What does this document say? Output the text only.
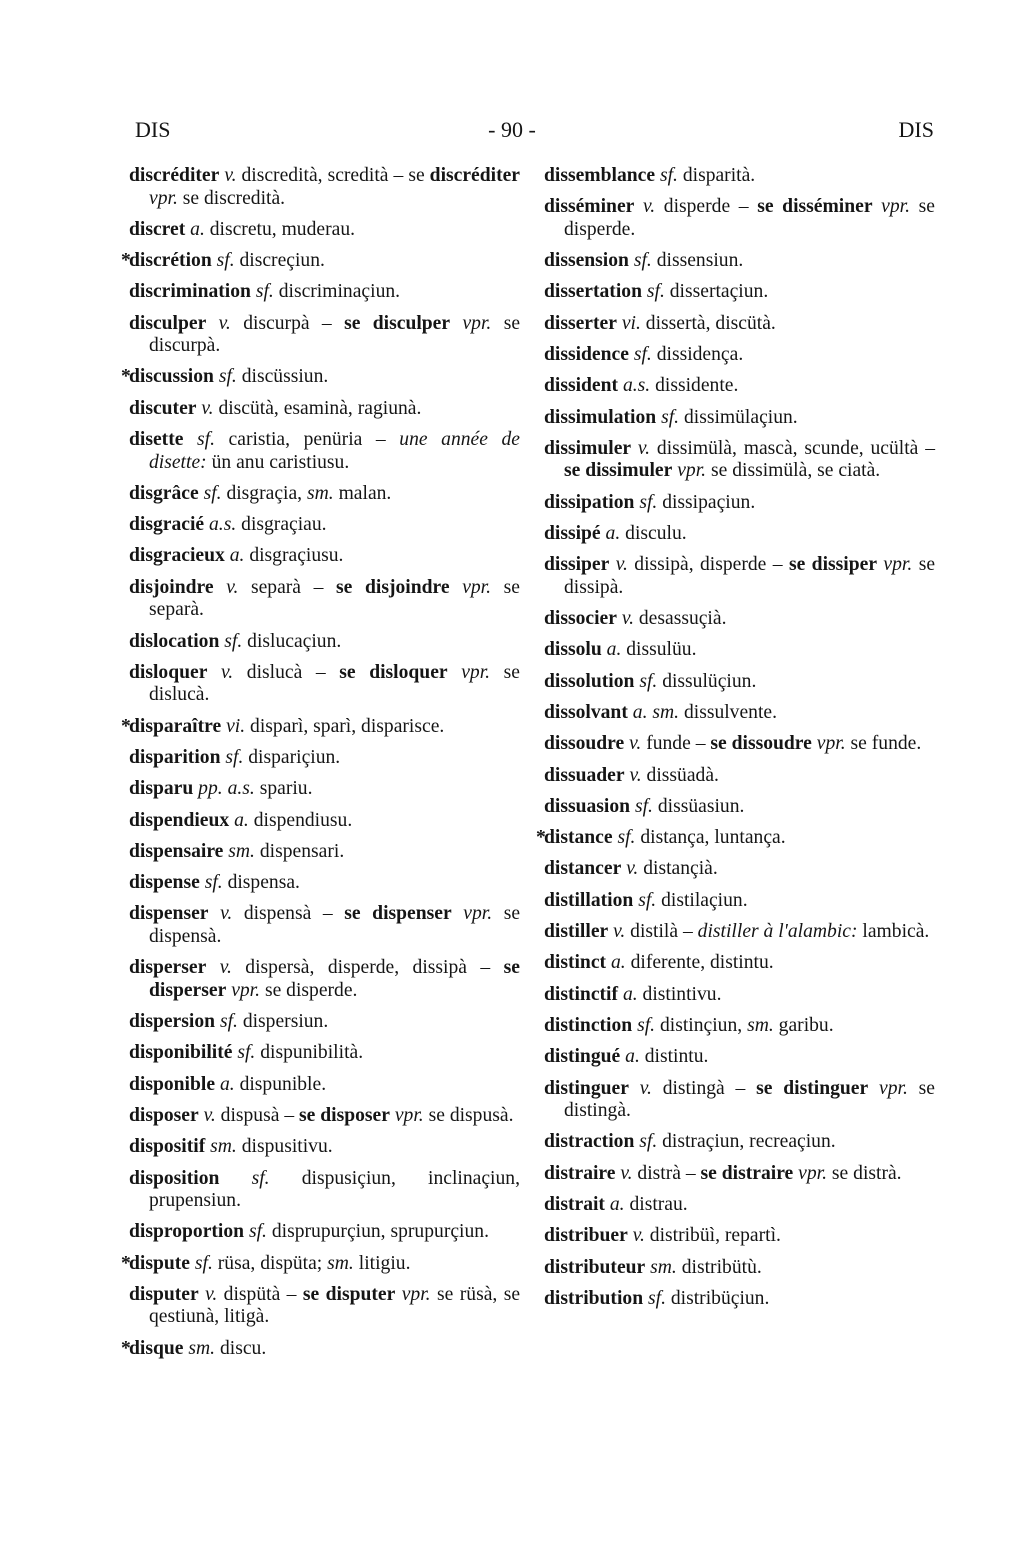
DIS	- 90 -	DIS

discréditer v. discredità, scredità – se discréditer vpr. se discredità.

discret a. discretu, muderau.

*
discrétion sf. discreçiun.

discrimination sf. discriminaçiun.

disculper v. discurpà – se disculper vpr. se discurpà.

*
discussion sf. discüssiun.

discuter v. discütà, esaminà, ragiunà.

disette sf. caristia, penüria – une année de disette: ün anu caristiusu.

disgrâce sf. disgraçia, sm. malan.

disgracié a.s. disgraçiau.

disgracieux a. disgraçiusu.

disjoindre v. separà – se disjoindre vpr. se separà.

dislocation sf. dislucaçiun.

disloquer v. dislucà – se disloquer vpr. se dislucà.

*
disparaître vi. disparì, sparì, disparisce.

disparition sf. dispariçiun.

disparu pp. a.s. spariu.

dispendieux a. dispendiusu.

dispensaire sm. dispensari.

dispense sf. dispensa.

dispenser v. dispensà – se dispenser vpr. se dispensà.

disperser v. dispersà, disperde, dissipà – se disperser vpr. se disperde.

dispersion sf. dispersiun.

disponibilité sf. dispunibilità.

disponible a. dispunible.

disposer v. dispusà – se disposer vpr. se dispusà.

dispositif sm. dispusitivu.

disposition sf. dispusiçiun, inclinaçiun, prupensiun.

disproportion sf. disprupurçiun, sprupurçiun.

*
dispute sf. rüsa, dispüta; sm. litigiu.

disputer v. dispütà – se disputer vpr. se rüsà, se qestiunà, litigà.

*
disque sm. discu.

dissemblance sf. disparità.

disséminer v. disperde – se disséminer vpr. se disperde.

dissension sf. dissensiun.

dissertation sf. dissertaçiun.

disserter vi. dissertà, discütà.

dissidence sf. dissidença.

dissident a.s. dissidente.

dissimulation sf. dissimülaçiun.

dissimuler v. dissimülà, mascà, scunde, ucültà – se dissimuler vpr. se dissimülà, se ciatà.

dissipation sf. dissipaçiun.

dissipé a. disculu.

dissiper v. dissipà, disperde – se dissiper vpr. se dissipà.

dissocier v. desassuçià.

dissolu a. dissulüu.

dissolution sf. dissulüçiun.

dissolvant a. sm. dissulvente.

dissoudre v. funde – se dissoudre vpr. se funde.

dissuader v. dissüadà.

dissuasion sf. dissüasiun.

*
distance sf. distança, luntança.

distancer v. distançià.

distillation sf. distilaçiun.

distiller v. distilà – distiller à l'alambic: lambicà.

distinct a. diferente, distintu.

distinctif a. distintivu.

distinction sf. distinçiun, sm. garibu.

distingué a. distintu.

distinguer v. distingà – se distinguer vpr. se distingà.

distraction sf. distraçiun, recreaçiun.

distraire v. distrà – se distraire vpr. se distrà.

distrait a. distrau.

distribuer v. distribüì, repartì.

distributeur sm. distribütù.

distribution sf. distribüçiun.
